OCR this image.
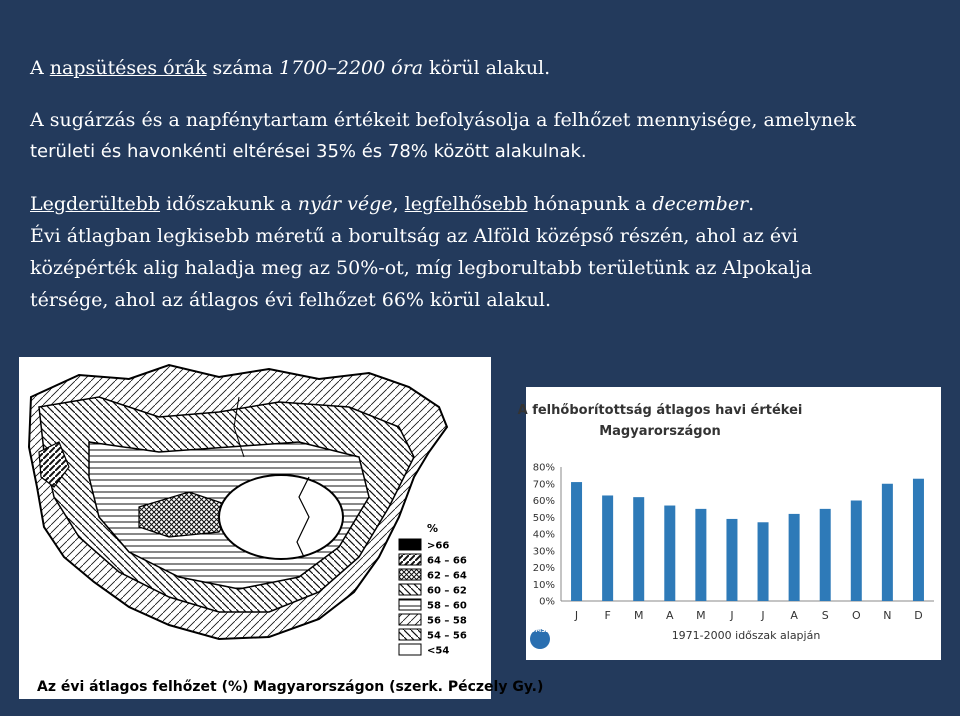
A napsütéses órák száma 1700–2200 óra körül alakul.
A sugárzás és a napfénytartam értékeit befolyásolja a felhőzet mennyisége, amelynek
területi és havonkénti eltérései 35% és 78% között alakulnak.
Legderültebb időszakunk a nyár vége, legfelhősebb hónapunk a december.
Évi átlagban legkisebb méretű a borultság az Alföld középső részén, ahol az évi
középérték alig haladja meg az 50%-ot, míg legborultabb területünk az Alpokalja
térsége, ahol az átlagos évi felhőzet 66% körül alakul.
%
>66
64 – 66
62 – 64
60 – 62
58 – 60
56 – 58
54 – 56
<54
Az évi átlagos felhőzet (%) Magyarországon (szerk. Péczely Gy.)
A felhőborítottság átlagos havi értékei
Magyarországon
0%
10%
20%
30%
40%
50%
60%
70%
80%
J F M A M J	J A S O N D
1971-2000 időszak alapján
OMSZ
